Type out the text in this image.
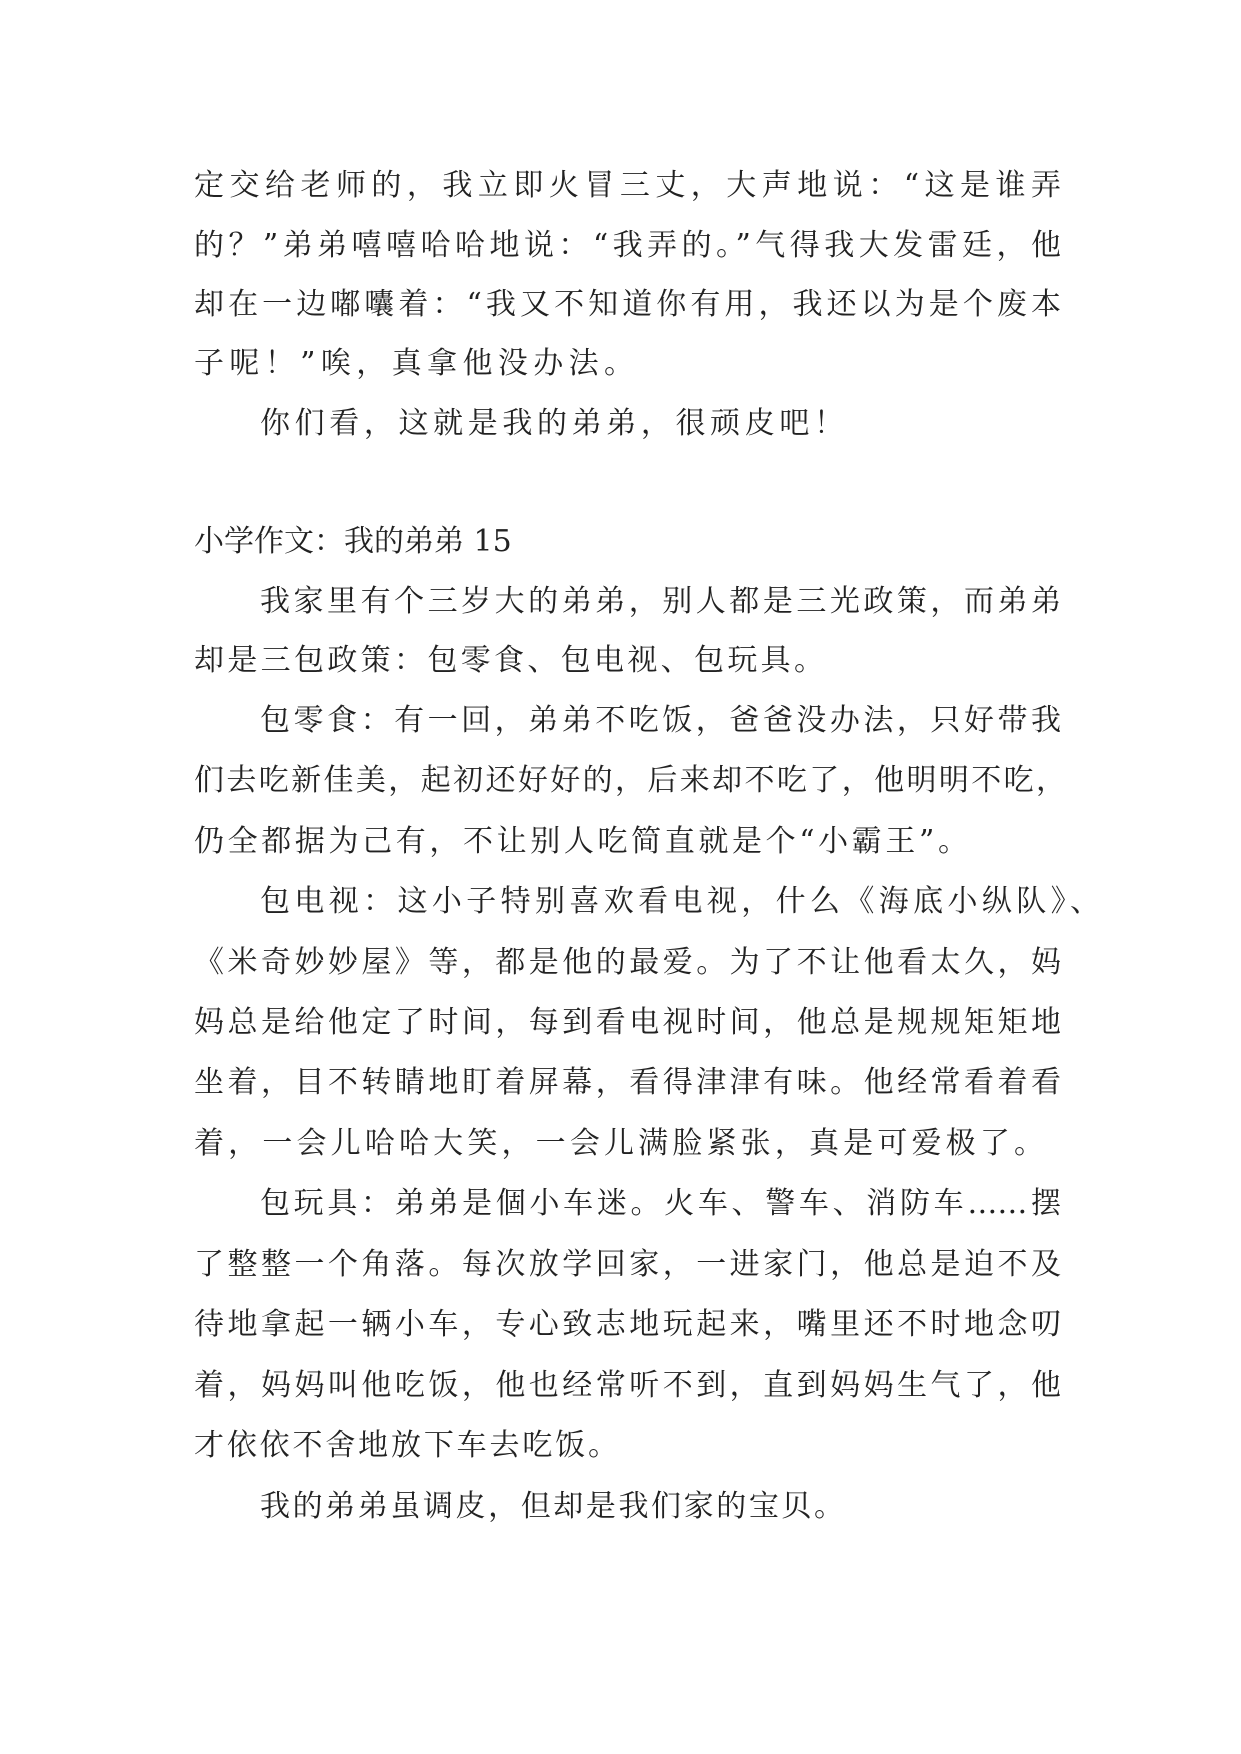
定交给老师的，我立即火冒三丈，大声地说：“这是谁弄
的？”弟弟嘻嘻哈哈地说：“我弄的。”气得我大发雷廷，他
却在一边嘟囔着：“我又不知道你有用，我还以为是个废本
子呢！”唉，真拿他没办法。
你们看，这就是我的弟弟，很顽皮吧！
小学作文：我的弟弟 15
我家里有个三岁大的弟弟，别人都是三光政策，而弟弟
却是三包政策：包零食、包电视、包玩具。
包零食：有一回，弟弟不吃饭，爸爸没办法，只好带我
们去吃新佳美，起初还好好的，后来却不吃了，他明明不吃，
仍全都据为己有，不让别人吃简直就是个“小霸王”。
包电视：这小子特别喜欢看电视，什么《海底小纵队》、
《米奇妙妙屋》等，都是他的最爱。为了不让他看太久，妈
妈总是给他定了时间，每到看电视时间，他总是规规矩矩地
坐着，目不转睛地盯着屏幕，看得津津有味。他经常看着看
着，一会儿哈哈大笑，一会儿满脸紧张，真是可爱极了。
包玩具：弟弟是個小车迷。火车、警车、消防车……摆
了整整一个角落。每次放学回家，一进家门，他总是迫不及
待地拿起一辆小车，专心致志地玩起来，嘴里还不时地念叨
着，妈妈叫他吃饭，他也经常听不到，直到妈妈生气了，他
才依依不舍地放下车去吃饭。
我的弟弟虽调皮，但却是我们家的宝贝。
